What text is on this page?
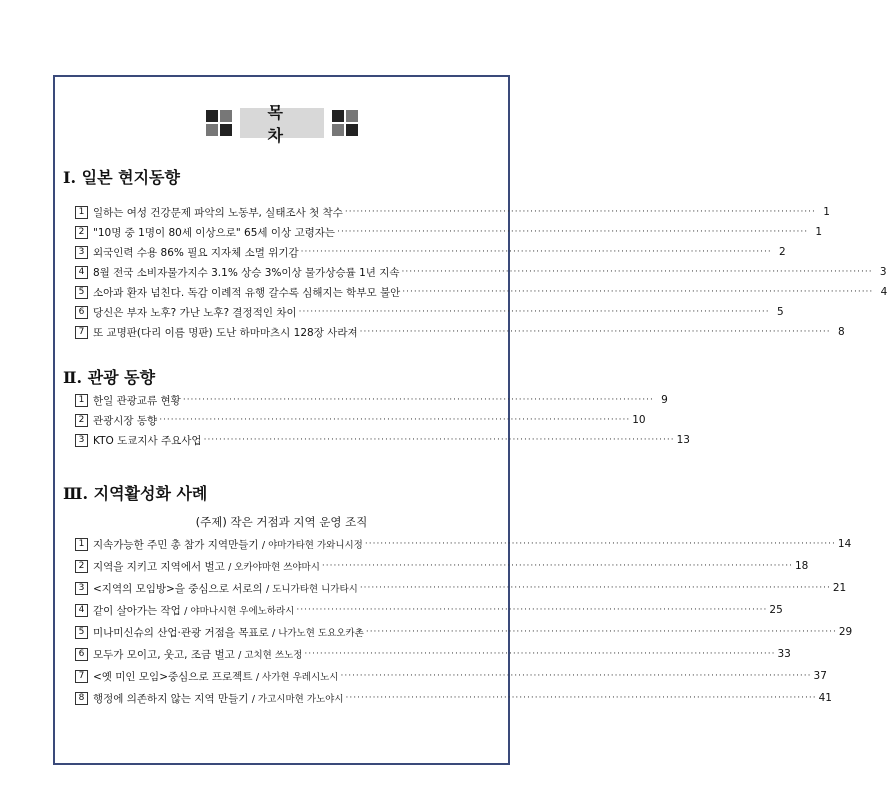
목 차
Ⅰ. 일본 현지동향
1 일하는 여성 건강문제 파악의 노동부, 실태조사 첫 착수 ·····	1
2 "10명 중 1명이 80세 이상으로" 65세 이상 고령자는 ·····	1
3 외국인력 수용 86% 필요 지자체 소멸 위기감 ·····	2
4 8월 전국 소비자물가지수 3.1% 상승 3%이상 물가상승률 1년 지속 ·····	3
5 소아과 환자 넘친다. 독감 이례적 유행 갈수록 심해지는 학부모 불안 ·····	4
6 당신은 부자 노후? 가난 노후? 결정적인 차이 ·····	5
7 또 교명판(다리 이름 명판) 도난 하마마츠시 128장 사라져 ·····	8
Ⅱ. 관광 동향
1 한일 관광교류 현황 ·····	9
2 관광시장 동향 ·····	10
3 KTO 도쿄지사 주요사업 ·····	13
Ⅲ. 지역활성화 사례
(주제) 작은 거점과 지역 운영 조직
1 지속가능한 주민 총 참가 지역만들기
/ 야마가타현 가와니시정 ·····	14
2 지역을 지키고 지역에서 벌고
/ 오카야마현 쓰야마시 ·····	18
3 <지역의 모임방>을 중심으로 서로의
/ 도니가타현 니가타시 ·····	21
4 같이 살아가는 작업
/ 야마나시현 우에노하라시 ·····	25
5 미나미신슈의 산업·관광 거점을 목표로
/ 나가노현 도요오카촌 ·····	29
6 모두가 모이고, 웃고, 조금 벌고
/ 고치현 쓰노정 ·····	33
7 <옛 미인 모임>중심으로 프로젝트
/ 사가현 우레시노시 ·····	37
8 행정에 의존하지 않는 지역 만들기
/ 가고시마현 가노야시 ·····	41
